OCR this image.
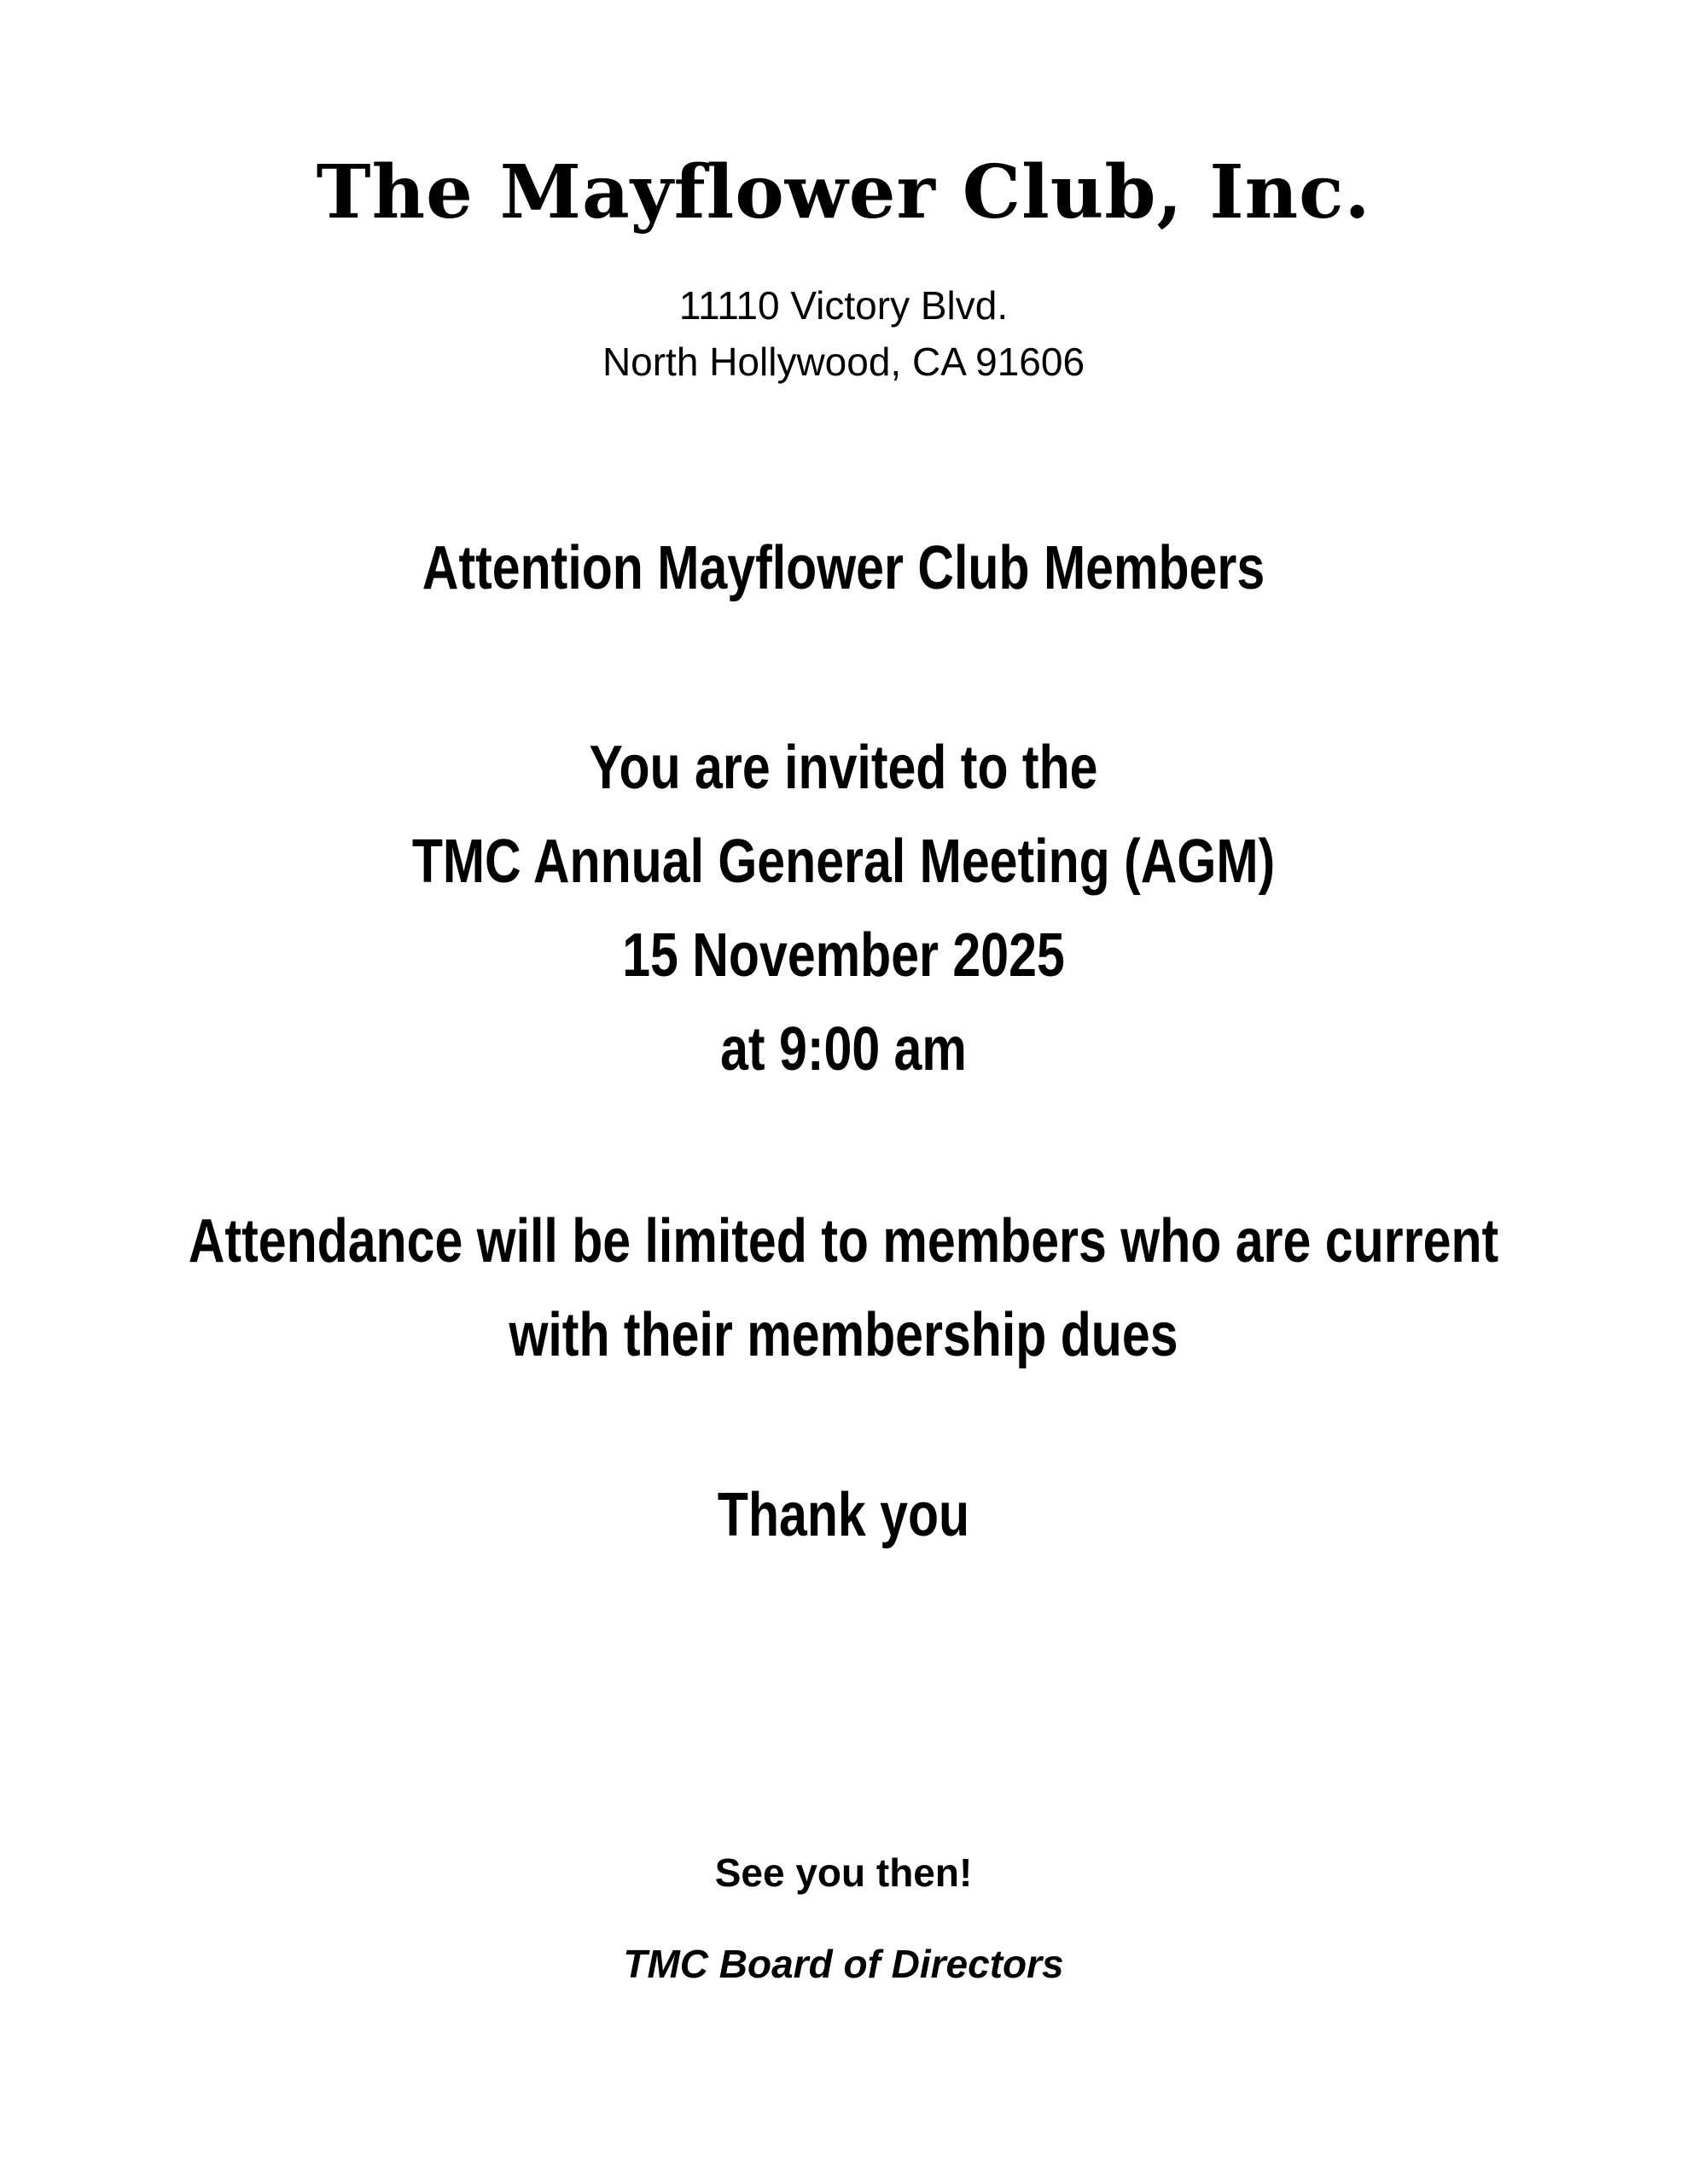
The Mayflower Club, Inc.
11110 Victory Blvd.
North Hollywood, CA 91606
Attention Mayflower Club Members
You are invited to the
TMC Annual General Meeting (AGM)
15 November 2025
at 9:00 am
Attendance will be limited to members who are current
with their membership dues
Thank you
See you then!
TMC Board of Directors
